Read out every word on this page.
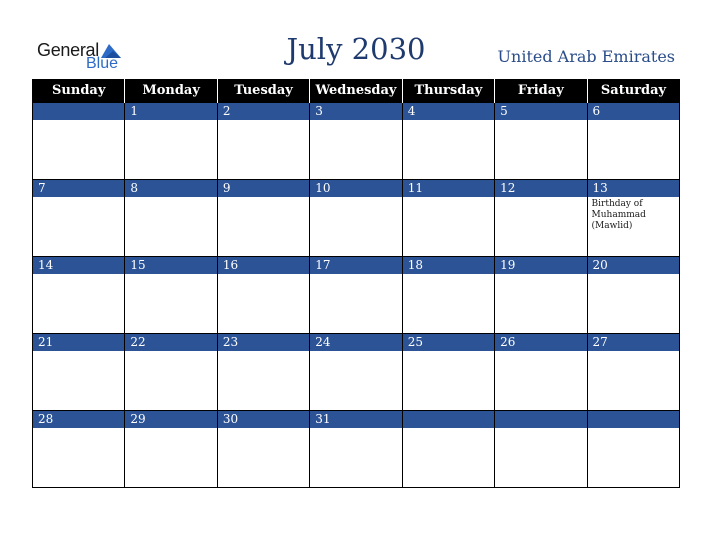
General
Blue	July 2030	United Arab Emirates
Sunday	Monday	Tuesday	Wednesday	Thursday	Friday	Saturday

	1	2	3	4	5	6

7	8	9	10	11	12	13
Birthday of Muhammad (Mawlid)

14	15	16	17	18	19	20

21	22	23	24	25	26	27

28	29	30	31			
